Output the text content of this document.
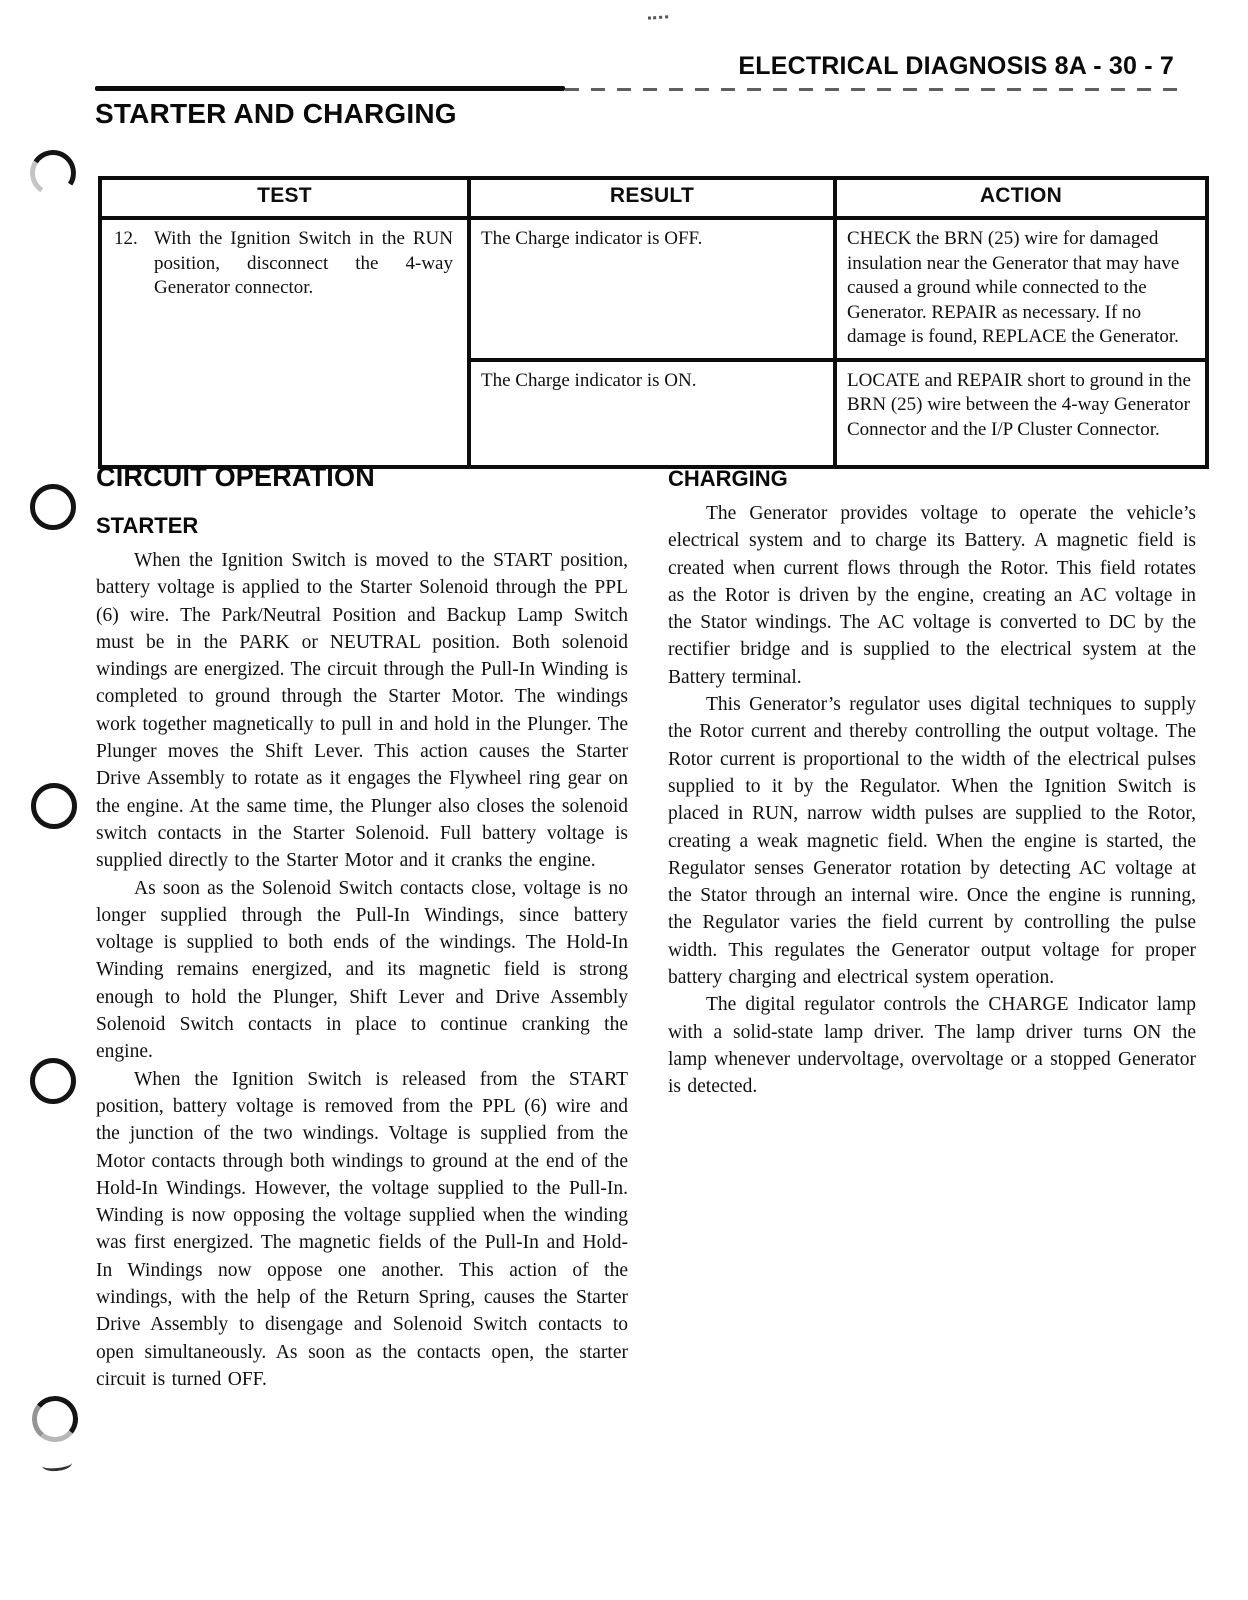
ELECTRICAL DIAGNOSIS 8A - 30 - 7
STARTER AND CHARGING
TEST	RESULT	ACTION

12. With the Ignition Switch in the RUN position, disconnect the 4-way Generator connector.	The Charge indicator is OFF.	CHECK the BRN (25) wire for damaged insulation near the Generator that may have caused a ground while connected to the Generator. REPAIR as necessary. If no damage is found, REPLACE the Generator.
	The Charge indicator is ON.	LOCATE and REPAIR short to ground in the BRN (25) wire between the 4-way Generator Connector and the I/P Cluster Connector.
CIRCUIT OPERATION
STARTER

When the Ignition Switch is moved to the START position, battery voltage is applied to the Starter Solenoid through the PPL (6) wire. The Park/Neutral Position and Backup Lamp Switch must be in the PARK or NEUTRAL position. Both solenoid windings are energized. The circuit through the Pull-In Winding is completed to ground through the Starter Motor. The windings work together magnetically to pull in and hold in the Plunger. The Plunger moves the Shift Lever. This action causes the Starter Drive Assembly to rotate as it engages the Flywheel ring gear on the engine. At the same time, the Plunger also closes the solenoid switch contacts in the Starter Solenoid. Full battery voltage is supplied directly to the Starter Motor and it cranks the engine.

As soon as the Solenoid Switch contacts close, voltage is no longer supplied through the Pull-In Windings, since battery voltage is supplied to both ends of the windings. The Hold-In Winding remains energized, and its magnetic field is strong enough to hold the Plunger, Shift Lever and Drive Assembly Solenoid Switch contacts in place to continue cranking the engine.

When the Ignition Switch is released from the START position, battery voltage is removed from the PPL (6) wire and the junction of the two windings. Voltage is supplied from the Motor contacts through both windings to ground at the end of the Hold-In Windings. However, the voltage supplied to the Pull-In. Winding is now opposing the voltage supplied when the winding was first energized. The magnetic fields of the Pull-In and Hold-In Windings now oppose one another. This action of the windings, with the help of the Return Spring, causes the Starter Drive Assembly to disengage and Solenoid Switch contacts to open simultaneously. As soon as the contacts open, the starter circuit is turned OFF.

CHARGING

The Generator provides voltage to operate the vehicle’s electrical system and to charge its Battery. A magnetic field is created when current flows through the Rotor. This field rotates as the Rotor is driven by the engine, creating an AC voltage in the Stator windings. The AC voltage is converted to DC by the rectifier bridge and is supplied to the electrical system at the Battery terminal.

This Generator’s regulator uses digital techniques to supply the Rotor current and thereby controlling the output voltage. The Rotor current is proportional to the width of the electrical pulses supplied to it by the Regulator. When the Ignition Switch is placed in RUN, narrow width pulses are supplied to the Rotor, creating a weak magnetic field. When the engine is started, the Regulator senses Generator rotation by detecting AC voltage at the Stator through an internal wire. Once the engine is running, the Regulator varies the field current by controlling the pulse width. This regulates the Generator output voltage for proper battery charging and electrical system operation.

The digital regulator controls the CHARGE Indicator lamp with a solid-state lamp driver. The lamp driver turns ON the lamp whenever undervoltage, overvoltage or a stopped Generator is detected.
